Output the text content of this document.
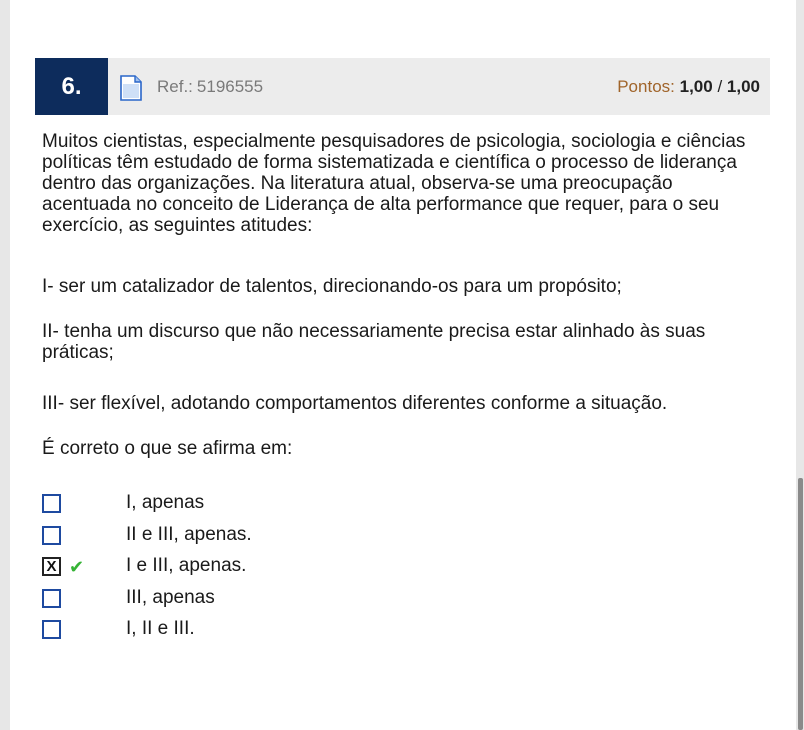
6.	Ref.: 5196555	Pontos: 1,00 / 1,00

Muitos cientistas, especialmente pesquisadores de psicologia, sociologia e ciências políticas têm estudado de forma sistematizada e científica o processo de liderança dentro das organizações. Na literatura atual, observa-se uma preocupação acentuada no conceito de Liderança de alta performance que requer, para o seu exercício, as seguintes atitudes:

I- ser um catalizador de talentos, direcionando-os para um propósito;

II- tenha um discurso que não necessariamente precisa estar alinhado às suas práticas;

III- ser flexível, adotando comportamentos diferentes conforme a situação.

É correto o que se afirma em:

I, apenas
II e III, apenas.
X ✔ I e III, apenas.
III, apenas
I, II e III.
